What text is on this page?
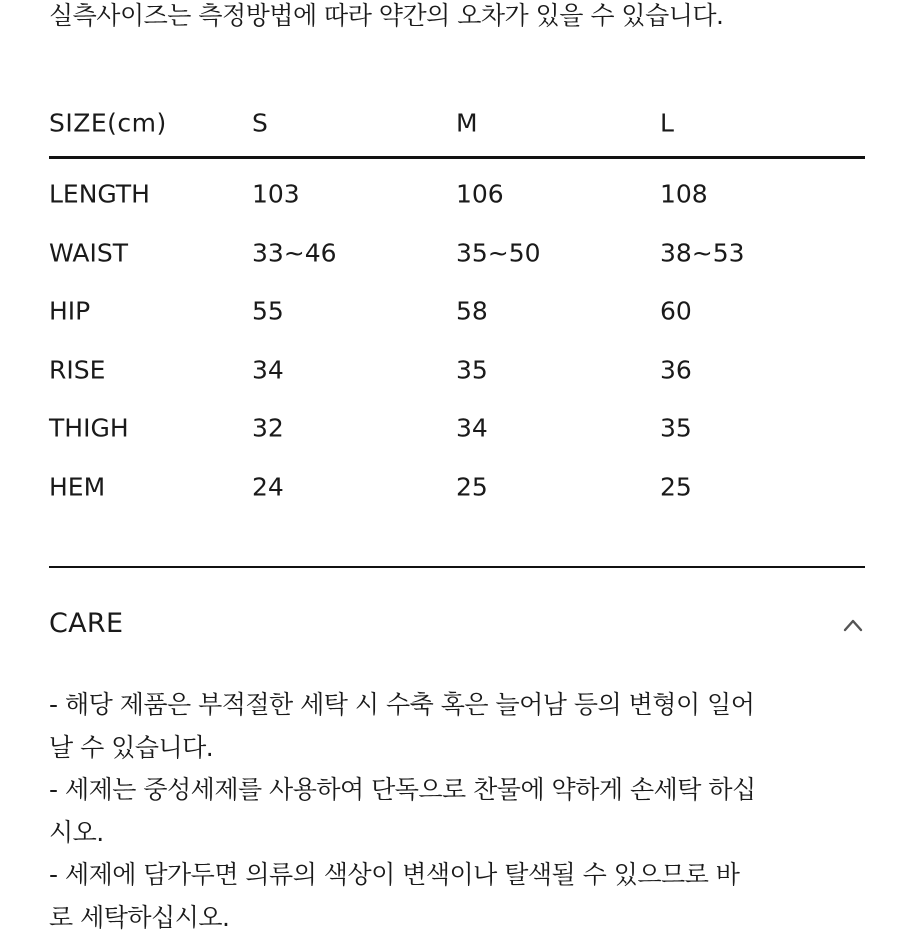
실측사이즈는 측정방법에 따라 약간의 오차가 있을 수 있습니다.
SIZE(cm)	S	M	L
LENGTH	103	106	108
WAIST	33~46	35~50	38~53
HIP	55	58	60
RISE	34	35	36
THIGH	32	34	35
HEM	24	25	25
CARE
- 해당 제품은 부적절한 세탁 시 수축 혹은 늘어남 등의 변형이 일어
날 수 있습니다.
- 세제는 중성세제를 사용하여 단독으로 찬물에 약하게 손세탁 하십
시오.
- 세제에 담가두면 의류의 색상이 변색이나 탈색될 수 있으므로 바
로 세탁하십시오.
